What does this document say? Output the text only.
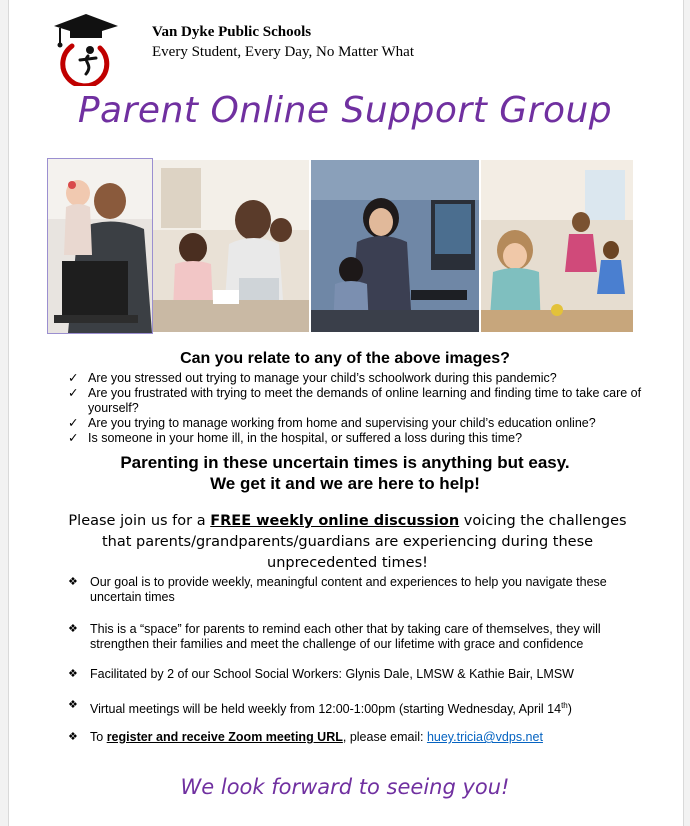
Van Dyke Public Schools
Every Student, Every Day, No Matter What
Parent Online Support Group
Can you relate to any of the above images?
✓ Are you stressed out trying to manage your child’s schoolwork during this pandemic?
✓ Are you frustrated with trying to meet the demands of online learning and finding time to take care of yourself?
✓ Are you trying to manage working from home and supervising your child’s education online?
✓ Is someone in your home ill, in the hospital, or suffered a loss during this time?
Parenting in these uncertain times is anything but easy.
We get it and we are here to help!
Please join us for a FREE weekly online discussion voicing the challenges that parents/grandparents/guardians are experiencing during these unprecedented times!
❖ Our goal is to provide weekly, meaningful content and experiences to help you navigate these uncertain times
❖ This is a “space” for parents to remind each other that by taking care of themselves, they will strengthen their families and meet the challenge of our lifetime with grace and confidence
❖ Facilitated by 2 of our School Social Workers: Glynis Dale, LMSW & Kathie Bair, LMSW
❖ Virtual meetings will be held weekly from 12:00-1:00pm (starting Wednesday, April 14th)
❖ To register and receive Zoom meeting URL, please email: huey.tricia@vdps.net
We look forward to seeing you!
